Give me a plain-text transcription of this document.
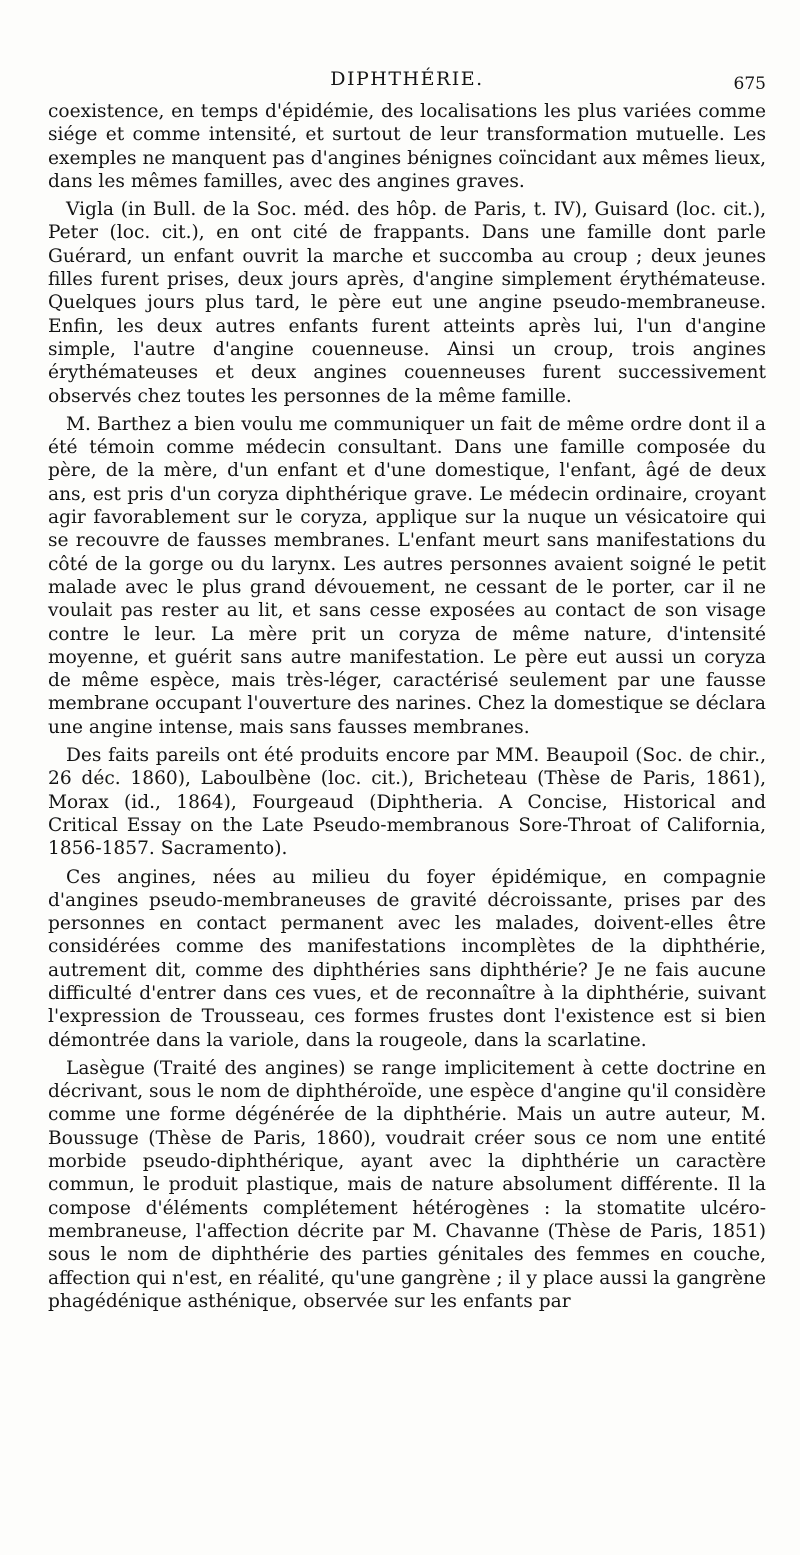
DIPHTHÉRIE.	675

coexistence, en temps d'épidémie, des localisations les plus variées comme siége et comme intensité, et surtout de leur transformation mutuelle. Les exemples ne manquent pas d'angines bénignes coïncidant aux mêmes lieux, dans les mêmes familles, avec des angines graves.

Vigla (in Bull. de la Soc. méd. des hôp. de Paris, t. IV), Guisard (loc. cit.), Peter (loc. cit.), en ont cité de frappants. Dans une famille dont parle Guérard, un enfant ouvrit la marche et succomba au croup ; deux jeunes filles furent prises, deux jours après, d'angine simplement érythémateuse. Quelques jours plus tard, le père eut une angine pseudo-membraneuse. Enfin, les deux autres enfants furent atteints après lui, l'un d'angine simple, l'autre d'angine couenneuse. Ainsi un croup, trois angines érythémateuses et deux angines couenneuses furent successivement observés chez toutes les personnes de la même famille.

M. Barthez a bien voulu me communiquer un fait de même ordre dont il a été témoin comme médecin consultant. Dans une famille composée du père, de la mère, d'un enfant et d'une domestique, l'enfant, âgé de deux ans, est pris d'un coryza diphthérique grave. Le médecin ordinaire, croyant agir favorablement sur le coryza, applique sur la nuque un vésicatoire qui se recouvre de fausses membranes. L'enfant meurt sans manifestations du côté de la gorge ou du larynx. Les autres personnes avaient soigné le petit malade avec le plus grand dévouement, ne cessant de le porter, car il ne voulait pas rester au lit, et sans cesse exposées au contact de son visage contre le leur. La mère prit un coryza de même nature, d'intensité moyenne, et guérit sans autre manifestation. Le père eut aussi un coryza de même espèce, mais très-léger, caractérisé seulement par une fausse membrane occupant l'ouverture des narines. Chez la domestique se déclara une angine intense, mais sans fausses membranes.

Des faits pareils ont été produits encore par MM. Beaupoil (Soc. de chir., 26 déc. 1860), Laboulbène (loc. cit.), Bricheteau (Thèse de Paris, 1861), Morax (id., 1864), Fourgeaud (Diphtheria. A Concise, Historical and Critical Essay on the Late Pseudo-membranous Sore-Throat of California, 1856-1857. Sacramento).

Ces angines, nées au milieu du foyer épidémique, en compagnie d'angines pseudo-membraneuses de gravité décroissante, prises par des personnes en contact permanent avec les malades, doivent-elles être considérées comme des manifestations incomplètes de la diphthérie, autrement dit, comme des diphthéries sans diphthérie? Je ne fais aucune difficulté d'entrer dans ces vues, et de reconnaître à la diphthérie, suivant l'expression de Trousseau, ces formes frustes dont l'existence est si bien démontrée dans la variole, dans la rougeole, dans la scarlatine.

Lasègue (Traité des angines) se range implicitement à cette doctrine en décrivant, sous le nom de diphthéroïde, une espèce d'angine qu'il considère comme une forme dégénérée de la diphthérie. Mais un autre auteur, M. Boussuge (Thèse de Paris, 1860), voudrait créer sous ce nom une entité morbide pseudo-diphthérique, ayant avec la diphthérie un caractère commun, le produit plastique, mais de nature absolument différente. Il la compose d'éléments complétement hétérogènes : la stomatite ulcéro-membraneuse, l'affection décrite par M. Chavanne (Thèse de Paris, 1851) sous le nom de diphthérie des parties génitales des femmes en couche, affection qui n'est, en réalité, qu'une gangrène ; il y place aussi la gangrène phagédénique asthénique, observée sur les enfants par
